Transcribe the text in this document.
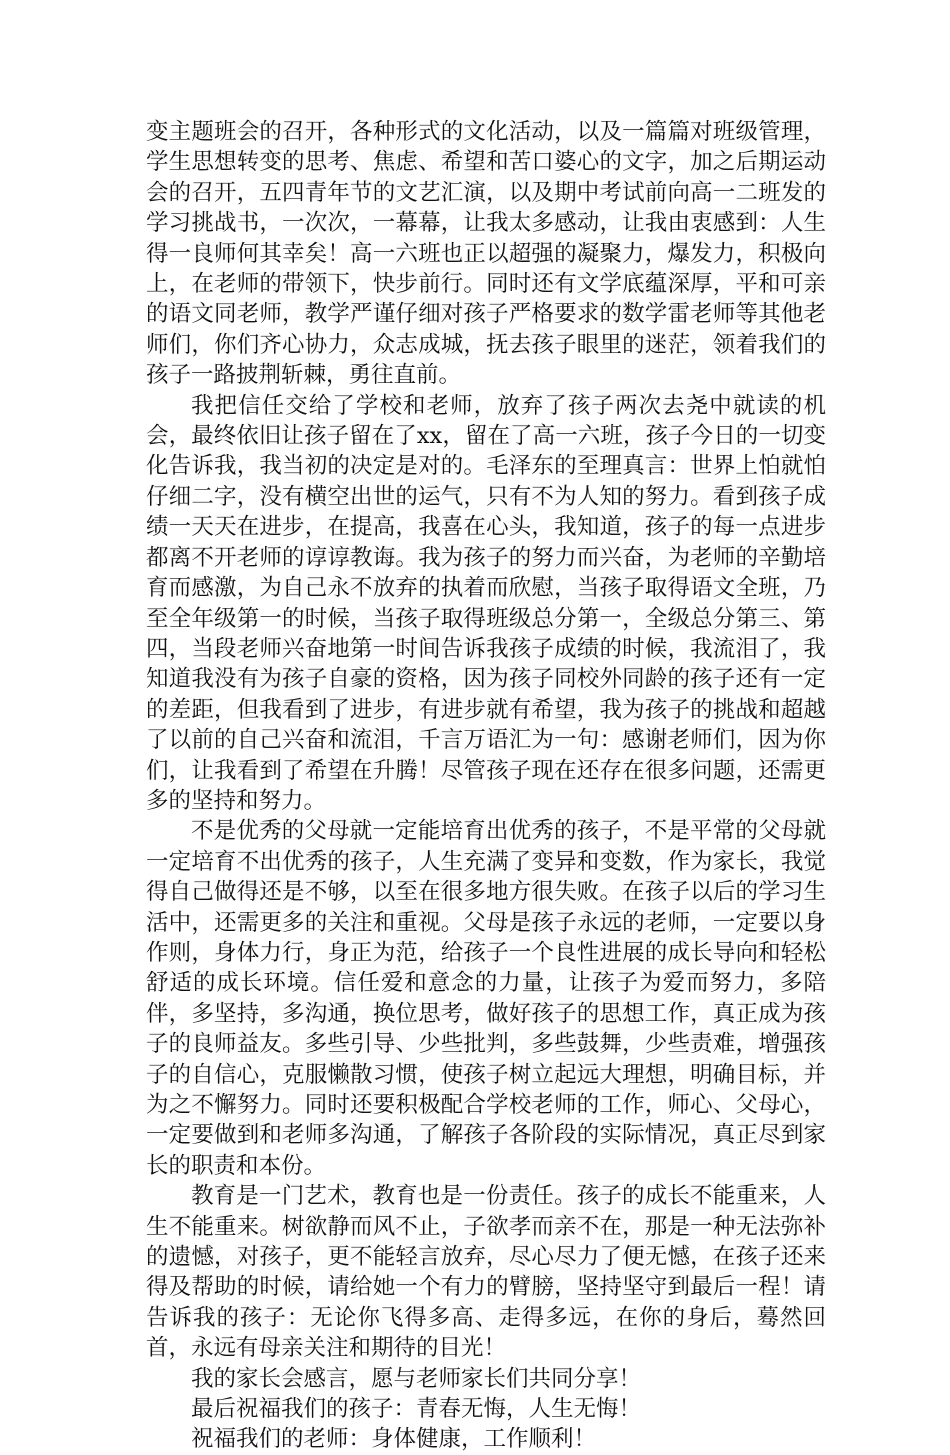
变主题班会的召开，各种形式的文化活动，以及一篇篇对班级管理，学生思想转变的思考、焦虑、希望和苦口婆心的文字，加之后期运动会的召开，五四青年节的文艺汇演，以及期中考试前向高一二班发的学习挑战书，一次次，一幕幕，让我太多感动，让我由衷感到：人生得一良师何其幸矣！高一六班也正以超强的凝聚力，爆发力，积极向上，在老师的带领下，快步前行。同时还有文学底蕴深厚，平和可亲的语文同老师，教学严谨仔细对孩子严格要求的数学雷老师等其他老师们，你们齐心协力，众志成城，抚去孩子眼里的迷茫，领着我们的孩子一路披荆斩棘，勇往直前。

我把信任交给了学校和老师，放弃了孩子两次去尧中就读的机会，最终依旧让孩子留在了xx，留在了高一六班，孩子今日的一切变化告诉我，我当初的决定是对的。毛泽东的至理真言：世界上怕就怕仔细二字，没有横空出世的运气，只有不为人知的努力。看到孩子成绩一天天在进步，在提高，我喜在心头，我知道，孩子的每一点进步都离不开老师的谆谆教诲。我为孩子的努力而兴奋，为老师的辛勤培育而感激，为自己永不放弃的执着而欣慰，当孩子取得语文全班，乃至全年级第一的时候，当孩子取得班级总分第一，全级总分第三、第四，当段老师兴奋地第一时间告诉我孩子成绩的时候，我流泪了，我知道我没有为孩子自豪的资格，因为孩子同校外同龄的孩子还有一定的差距，但我看到了进步，有进步就有希望，我为孩子的挑战和超越了以前的自己兴奋和流泪，千言万语汇为一句：感谢老师们，因为你们，让我看到了希望在升腾！尽管孩子现在还存在很多问题，还需更多的坚持和努力。

不是优秀的父母就一定能培育出优秀的孩子，不是平常的父母就一定培育不出优秀的孩子，人生充满了变异和变数，作为家长，我觉得自己做得还是不够，以至在很多地方很失败。在孩子以后的学习生活中，还需更多的关注和重视。父母是孩子永远的老师，一定要以身作则，身体力行，身正为范，给孩子一个良性进展的成长导向和轻松舒适的成长环境。信任爱和意念的力量，让孩子为爱而努力，多陪伴，多坚持，多沟通，换位思考，做好孩子的思想工作，真正成为孩子的良师益友。多些引导、少些批判，多些鼓舞，少些责难，增强孩子的自信心，克服懒散习惯，使孩子树立起远大理想，明确目标，并为之不懈努力。同时还要积极配合学校老师的工作，师心、父母心，一定要做到和老师多沟通，了解孩子各阶段的实际情况，真正尽到家长的职责和本份。

教育是一门艺术，教育也是一份责任。孩子的成长不能重来，人生不能重来。树欲静而风不止，子欲孝而亲不在，那是一种无法弥补的遗憾，对孩子，更不能轻言放弃，尽心尽力了便无憾，在孩子还来得及帮助的时候，请给她一个有力的臂膀，坚持坚守到最后一程！请告诉我的孩子：无论你飞得多高、走得多远，在你的身后，蓦然回首，永远有母亲关注和期待的目光！

我的家长会感言，愿与老师家长们共同分享！

最后祝福我们的孩子：青春无悔，人生无悔！

祝福我们的老师：身体健康，工作顺利！
